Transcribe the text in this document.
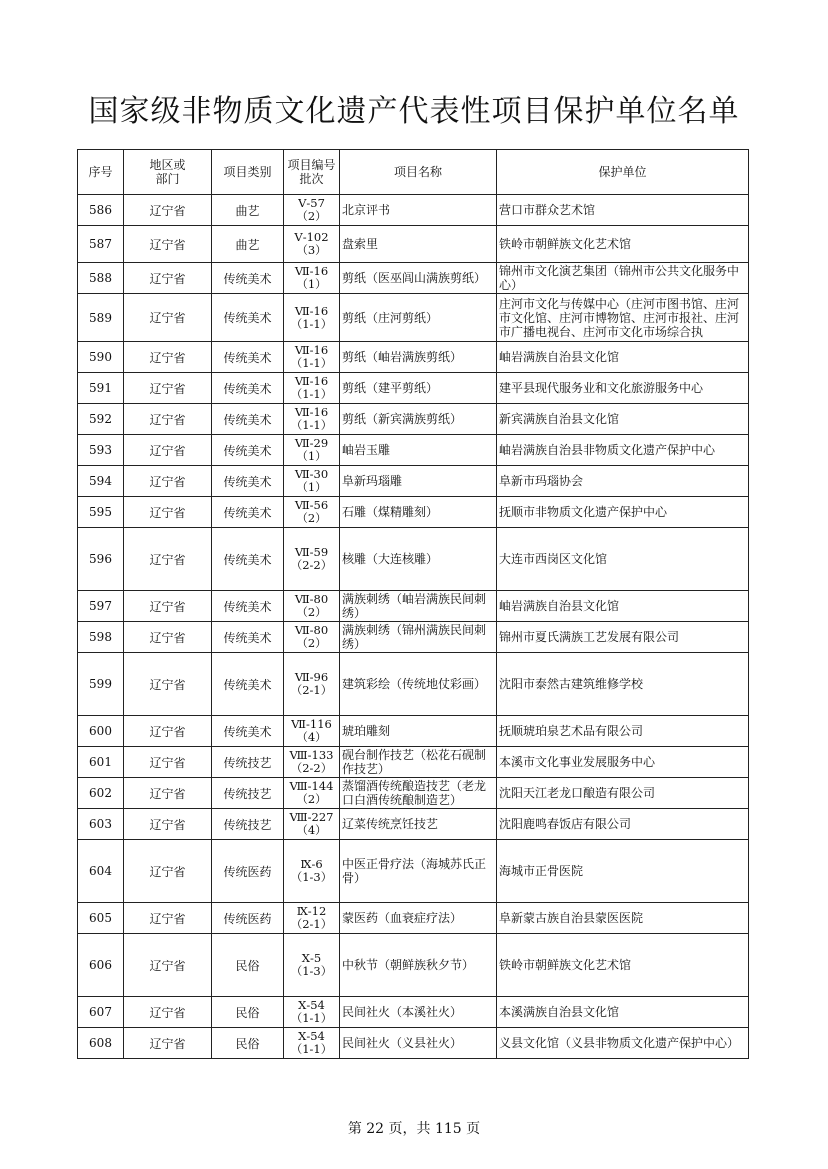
国家级非物质文化遗产代表性项目保护单位名单
序号	地区或部门	项目类别	项目编号批次	项目名称	保护单位
586	辽宁省	曲艺	Ⅴ-57
（2）	北京评书	营口市群众艺术馆
587	辽宁省	曲艺	Ⅴ-102
（3）	盘索里	铁岭市朝鲜族文化艺术馆
588	辽宁省	传统美术	Ⅶ-16
（1）	剪纸（医巫闾山满族剪纸）	锦州市文化演艺集团（锦州市公共文化服务中心）
589	辽宁省	传统美术	Ⅶ-16
（1-1）	剪纸（庄河剪纸）	庄河市文化与传媒中心（庄河市图书馆、庄河市文化馆、庄河市博物馆、庄河市报社、庄河市广播电视台、庄河市文化市场综合执
590	辽宁省	传统美术	Ⅶ-16
（1-1）	剪纸（岫岩满族剪纸）	岫岩满族自治县文化馆
591	辽宁省	传统美术	Ⅶ-16
（1-1）	剪纸（建平剪纸）	建平县现代服务业和文化旅游服务中心
592	辽宁省	传统美术	Ⅶ-16
（1-1）	剪纸（新宾满族剪纸）	新宾满族自治县文化馆
593	辽宁省	传统美术	Ⅶ-29
（1）	岫岩玉雕	岫岩满族自治县非物质文化遗产保护中心
594	辽宁省	传统美术	Ⅶ-30
（1）	阜新玛瑙雕	阜新市玛瑙协会
595	辽宁省	传统美术	Ⅶ-56
（2）	石雕（煤精雕刻）	抚顺市非物质文化遗产保护中心
596	辽宁省	传统美术	Ⅶ-59
（2-2）	核雕（大连核雕）	大连市西岗区文化馆
597	辽宁省	传统美术	Ⅶ-80
（2）	满族刺绣（岫岩满族民间刺绣）	岫岩满族自治县文化馆
598	辽宁省	传统美术	Ⅶ-80
（2）	满族刺绣（锦州满族民间刺绣）	锦州市夏氏满族工艺发展有限公司
599	辽宁省	传统美术	Ⅶ-96
（2-1）	建筑彩绘（传统地仗彩画）	沈阳市泰然古建筑维修学校
600	辽宁省	传统美术	Ⅶ-116
（4）	琥珀雕刻	抚顺琥珀泉艺术品有限公司
601	辽宁省	传统技艺	Ⅷ-133
（2-2）	砚台制作技艺（松花石砚制作技艺）	本溪市文化事业发展服务中心
602	辽宁省	传统技艺	Ⅷ-144
（2）	蒸馏酒传统酿造技艺（老龙口白酒传统酿制造艺）	沈阳天江老龙口酿造有限公司
603	辽宁省	传统技艺	Ⅷ-227
（4）	辽菜传统烹饪技艺	沈阳鹿鸣春饭店有限公司
604	辽宁省	传统医药	Ⅸ-6
（1-3）	中医正骨疗法（海城苏氏正骨）	海城市正骨医院
605	辽宁省	传统医药	Ⅸ-12
（2-1）	蒙医药（血衰症疗法）	阜新蒙古族自治县蒙医医院
606	辽宁省	民俗	Ⅹ-5
（1-3）	中秋节（朝鲜族秋夕节）	铁岭市朝鲜族文化艺术馆
607	辽宁省	民俗	Ⅹ-54
（1-1）	民间社火（本溪社火）	本溪满族自治县文化馆
608	辽宁省	民俗	Ⅹ-54
（1-1）	民间社火（义县社火）	义县文化馆（义县非物质文化遗产保护中心）
第 22 页，共 115 页
